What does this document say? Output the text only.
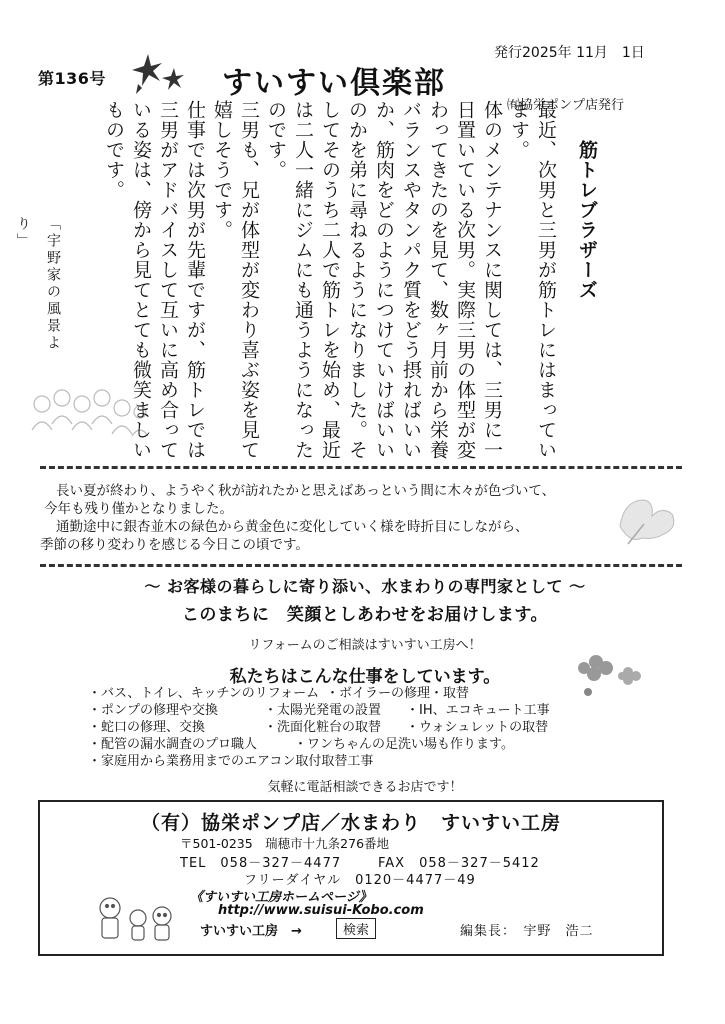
第136号	すいすい倶楽部
発行2025年 11月　1日
㈲協栄ポンプ店発行
「宇野家の風景より」	筋トレブラザーズ

最近、次男と三男が筋トレにはまっています。

体のメンテナンスに関しては、三男に一日置いている次男。実際三男の体型が変わってきたのを見て、数ヶ月前から栄養バランスやタンパク質をどう摂ればいいか、筋肉をどのようにつけていけばいいのかを弟に尋ねるようになりました。そしてそのうち二人で筋トレを始め、最近は二人一緒にジムにも通うようになったのです。

三男も、兄が体型が変わり喜ぶ姿を見て嬉しそうです。

仕事では次男が先輩ですが、筋トレでは三男がアドバイスして互いに高め合っている姿は、傍から見てとても微笑ましいものです。

長い夏が終わり、ようやく秋が訪れたかと思えばあっという間に木々が色づいて、

今年も残り僅かとなりました。

通勤途中に銀杏並木の緑色から黄金色に変化していく様を時折目にしながら、

季節の移り変わりを感じる今日この頃です。

～ お客様の暮らしに寄り添い、水まわりの専門家として ～
このまちに　笑顔としあわせをお届けします。
リフォームのご相談はすいすい工房へ！
私たちはこんな仕事をしています。
・バス、トイレ、キッチンのリフォーム ・ボイラーの修理・取替
・ポンプの修理や交換	・太陽光発電の設置 ・IH、エコキュート工事
・蛇口の修理、交換	・洗面化粧台の取替 ・ウォシュレットの取替
・配管の漏水調査のプロ職人	・ワンちゃんの足洗い場も作ります。
・家庭用から業務用までのエアコン取付取替工事
気軽に電話相談できるお店です！
（有）協栄ポンプ店／水まわり　すいすい工房
〒501-0235　瑞穂市十九条276番地
TEL　058－327－4477	FAX　058－327－5412
フリーダイヤル　0120－4477－49
《すいすい工房ホームページ》
http://www.suisui-Kobo.com
すいすい工房　→	検索	編集長：　宇野　浩二
